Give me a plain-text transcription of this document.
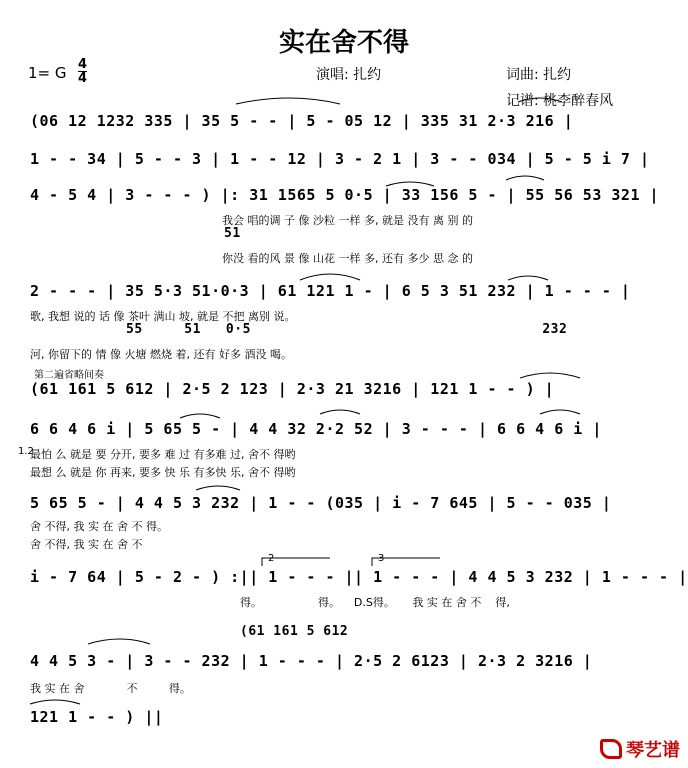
实在舍不得
1= G 4
4	演唱: 扎约	词曲: 扎约
记谱: 桃李醉春风
(06 12 1232 335 | 35 5 - - | 5 - 05 12 | 335 31 2·3 216 |
1 - - 34 | 5 - - 3 | 1 - - 12 | 3 - 2 1 | 3 - - 034 | 5 - 5 i 7 |
4 - 5 4 | 3 - - - ) |: 31 1565 5 0·5 | 33 156 5 - | 55 56 53 321 |
我会 唱的调 子 像 沙粒 一样 多, 就是 没有 离 别 的
51
你没 看的风 景 像 山花 一样 多, 还有 多少 思 念 的
2 - - - | 35 5·3 51·0·3 | 61 121 1 - | 6 5 3 51 232 | 1 - - - |
歌, 我想 说的 话 像 茶叶 满山 坡, 就是 不把 离别 说。
55     51   0·5                                   232
河, 你留下的 情 像 火塘 燃烧 着, 还有 好多 酒没 喝。
第二遍省略间奏
(61 161 5 612 | 2·5 2 123 | 2·3 21 3216 | 121 1 - - ) |
6 6 4 6 i | 5 65 5 - | 4 4 32 2·2 52 | 3 - - - | 6 6 4 6 i |
1.2
最怕 么 就是 要 分开, 要多 难 过 有多难 过, 舍不 得哟
最想 么 就是 你 再来, 要多 快 乐 有多快 乐, 舍不 得哟
5 65 5 - | 4 4 5 3 232 | 1 - - (035 | i - 7 645 | 5 - - 035 |
舍 不得, 我 实 在 舍 不 得。
舍 不得, 我 实 在 舍 不
2	3
i - 7 64 | 5 - 2 - ) :|| 1 - - - || 1 - - - | 4 4 5 3 232 | 1 - - - |
得。                得。    D.S得。     我 实 在 舍 不    得,
(61 161 5 612
4 4 5 3 - | 3 - - 232 | 1 - - - | 2·5 2 6123 | 2·3 2 3216 |
我 实 在 舍            不         得。
121 1 - - ) ||
琴艺谱
